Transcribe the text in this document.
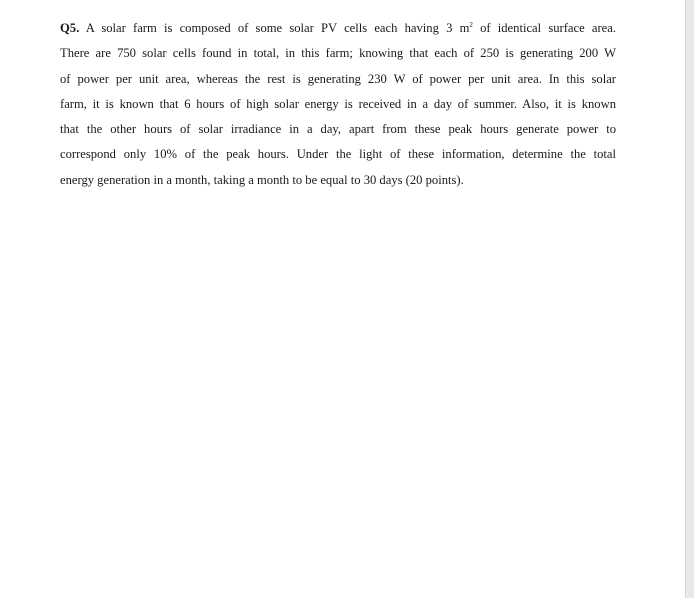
Q5. A solar farm is composed of some solar PV cells each having 3 $m^2$ of identical surface area.
There are 750 solar cells found in total, in this farm; knowing that each of 250 is generating 200 W
of power per unit area, whereas the rest is generating 230 W of power per unit area. In this solar
farm, it is known that 6 hours of high solar energy is received in a day of summer. Also, it is known
that the other hours of solar irradiance in a day, apart from these peak hours generate power to
correspond only 10% of the peak hours. Under the light of these information, determine the total
energy generation in a month, taking a month to be equal to 30 days (20 points).
